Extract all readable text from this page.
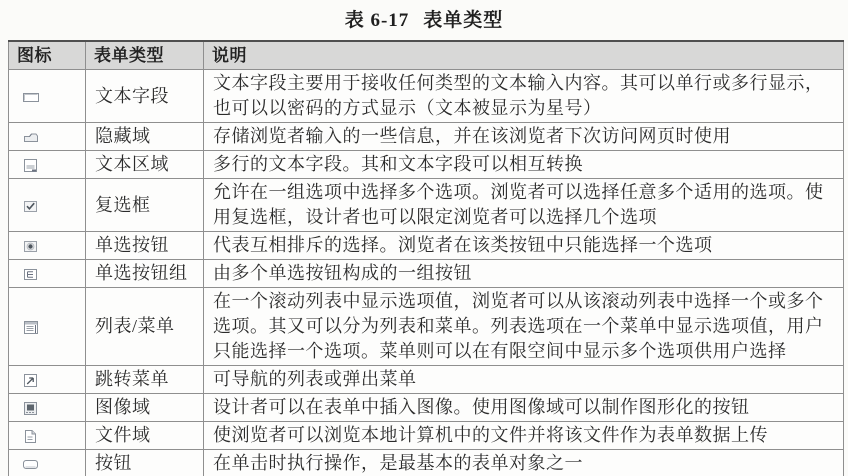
表 6-17 表单类型
图标	表单类型	说明

	文本字段	文本字段主要用于接收任何类型的文本输入内容。其可以单行或多行显示，也可以以密码的方式显示（文本被显示为星号）

	隐藏域	存储浏览者输入的一些信息，并在该浏览者下次访问网页时使用

	文本区域	多行的文本字段。其和文本字段可以相互转换

	复选框	允许在一组选项中选择多个选项。浏览者可以选择任意多个适用的选项。使用复选框，设计者也可以限定浏览者可以选择几个选项

	单选按钮	代表互相排斥的选择。浏览者在该类按钮中只能选择一个选项

	单选按钮组	由多个单选按钮构成的一组按钮

	列表/菜单	在一个滚动列表中显示选项值，浏览者可以从该滚动列表中选择一个或多个选项。其又可以分为列表和菜单。列表选项在一个菜单中显示选项值，用户只能选择一个选项。菜单则可以在有限空间中显示多个选项供用户选择

	跳转菜单	可导航的列表或弹出菜单

	图像域	设计者可以在表单中插入图像。使用图像域可以制作图形化的按钮

	文件域	使浏览者可以浏览本地计算机中的文件并将该文件作为表单数据上传

	按钮	在单击时执行操作，是最基本的表单对象之一
